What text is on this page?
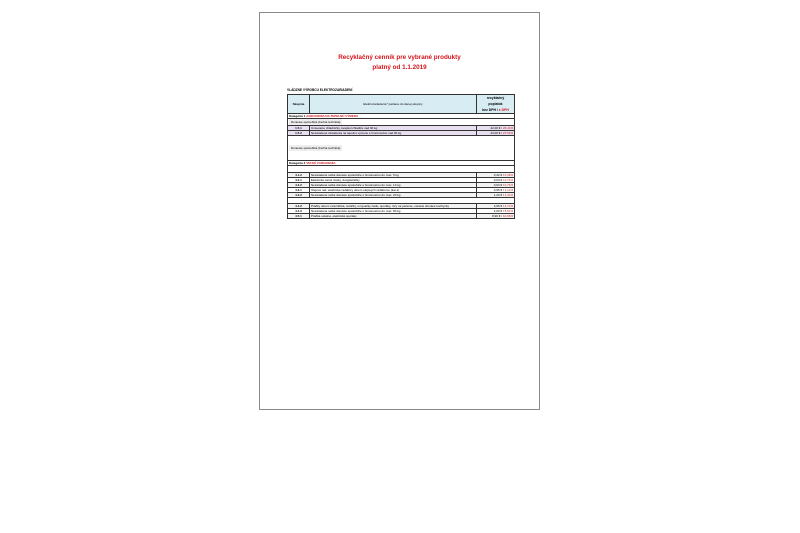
Recyklačný cenník pre vybrané produkty
platný od 1.1.2019
VLÁDZNE VÝROBCU ELEKTROZARIADENÍ
Skupina	Elektrozariadenie* patriace do danej skupiny	recyklačný
poplatok
bez DPH / s DPH

Kategória 1 ZARIADENIA NA TEPELNÚ VÝMENU		
Doniesie spotrebiča (bežná technika)		
1.5.1	Umievacie chladničky, kvapkol chladiče nad 90 kg	22,00 € / 26,40 €
1.5.2	Nezaradené zariadenia na tepelnú výmenu s hmotnosťou nad 90 kg	23,00 € / 27,60 €
Doniesie spotrebiča (bežná technika)		
Kategória 4 VEĽKÉ ZARIADENIA		

4.1.2	Nezaradené veľké domáce spotrebiče s hmotnosťou do max. 5 kg	0,32 € / 0,38 €
4.2.1	Elektrické varné dosky, dvojplatničky	0,63 € / 0,76 €
4.2.2	Nezaradené veľké domáce spotrebiče s hmotnosťou do max. 10 kg	0,63 € / 0,76 €
4.3.1	Olejové rad. elektrické radiátory okrem olejových radiátorov (kat.1)	0,95 € / 1,14 €
4.3.2	Nezaradené veľké domáce spotrebiče s hmotnosťou do max. 20 kg	1,20 € / 1,44 €

4.4.2	Práčky okrem mrazničiek, sušičky, umývačky riadu, sporáky, rúry na pečenie, ostatné domáce kuchynky	3,95 € / 4,74 €
4.4.3	Nezaradené veľké domáce spotrebiče s hmotnosťou do max. 80 kg	4,60 € / 5,52 €
4.5.1	Práčka ostatné, elektrické sporáky	8,90 € / 10,68 €
